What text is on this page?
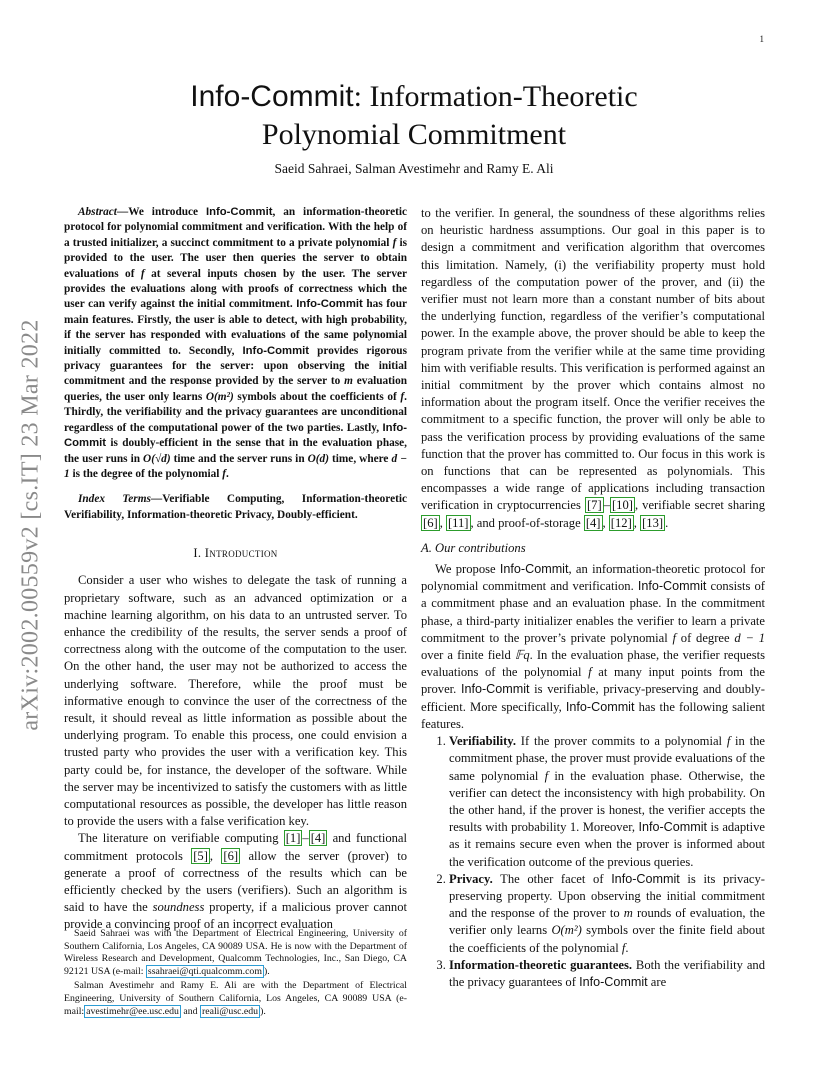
1
arXiv:2002.00559v2 [cs.IT] 23 Mar 2022
Info-Commit: Information-Theoretic
Polynomial Commitment
Saeid Sahraei, Salman Avestimehr and Ramy E. Ali

Abstract—We introduce Info-Commit, an information-theoretic protocol for polynomial commitment and verification. With the help of a trusted initializer, a succinct commitment to a private polynomial f is provided to the user. The user then queries the server to obtain evaluations of f at several inputs chosen by the user. The server provides the evaluations along with proofs of correctness which the user can verify against the initial commitment. Info-Commit has four main features. Firstly, the user is able to detect, with high probability, if the server has responded with evaluations of the same polynomial initially committed to. Secondly, Info-Commit provides rigorous privacy guarantees for the server: upon observing the initial commitment and the response provided by the server to m evaluation queries, the user only learns O(m²) symbols about the coefficients of f. Thirdly, the verifiability and the privacy guarantees are unconditional regardless of the computational power of the two parties. Lastly, Info-Commit is doubly-efficient in the sense that in the evaluation phase, the user runs in O(√d) time and the server runs in O(d) time, where d − 1 is the degree of the polynomial f.

Index Terms—Verifiable Computing, Information-theoretic Verifiability, Information-theoretic Privacy, Doubly-efficient.

I. Introduction

Consider a user who wishes to delegate the task of running a proprietary software, such as an advanced optimization or a machine learning algorithm, on his data to an untrusted server. To enhance the credibility of the results, the server sends a proof of correctness along with the outcome of the computation to the user. On the other hand, the user may not be authorized to access the underlying software. Therefore, while the proof must be informative enough to convince the user of the correctness of the result, it should reveal as little information as possible about the underlying program. To enable this process, one could envision a trusted party who provides the user with a verification key. This party could be, for instance, the developer of the software. While the server may be incentivized to satisfy the customers with as little computational resources as possible, the developer has little reason to provide the users with a false verification key.

The literature on verifiable computing [1] – [4] and functional commitment protocols [5] , [6] allow the server (prover) to generate a proof of correctness of the results which can be efficiently checked by the users (verifiers). Such an algorithm is said to have the soundness property, if a malicious prover cannot provide a convincing proof of an incorrect evaluation

Saeid Sahraei was with the Department of Electrical Engineering, University of Southern California, Los Angeles, CA 90089 USA. He is now with the Department of Wireless Research and Development, Qualcomm Technologies, Inc., San Diego, CA 92121 USA (e-mail: ssahraei@qti.qualcomm.com ).

Salman Avestimehr and Ramy E. Ali are with the Department of Electrical Engineering, University of Southern California, Los Angeles, CA 90089 USA (e-mail: avestimehr@ee.usc.edu and reali@usc.edu ).

to the verifier. In general, the soundness of these algorithms relies on heuristic hardness assumptions. Our goal in this paper is to design a commitment and verification algorithm that overcomes this limitation. Namely, (i) the verifiability property must hold regardless of the computation power of the prover, and (ii) the verifier must not learn more than a constant number of bits about the underlying function, regardless of the verifier’s computational power. In the example above, the prover should be able to keep the program private from the verifier while at the same time providing him with verifiable results. This verification is performed against an initial commitment by the prover which contains almost no information about the program itself. Once the verifier receives the commitment to a specific function, the prover will only be able to pass the verification process by providing evaluations of the same function that the prover has committed to. Our focus in this work is on functions that can be represented as polynomials. This encompasses a wide range of applications including transaction verification in cryptocurrencies [7] – [10] , verifiable secret sharing [6] , [11] , and proof-of-storage [4] , [12] , [13] .

A. Our contributions

We propose Info-Commit, an information-theoretic protocol for polynomial commitment and verification. Info-Commit consists of a commitment phase and an evaluation phase. In the commitment phase, a third-party initializer enables the verifier to learn a private commitment to the prover’s private polynomial f of degree d − 1 over a finite field 𝔽q. In the evaluation phase, the verifier requests evaluations of the polynomial f at many input points from the prover. Info-Commit is verifiable, privacy-preserving and doubly-efficient. More specifically, Info-Commit has the following salient features.

1. Verifiability. If the prover commits to a polynomial f in the commitment phase, the prover must provide evaluations of the same polynomial f in the evaluation phase. Otherwise, the verifier can detect the inconsistency with high probability. On the other hand, if the prover is honest, the verifier accepts the results with probability 1. Moreover, Info-Commit is adaptive as it remains secure even when the prover is informed about the verification outcome of the previous queries.
2. Privacy. The other facet of Info-Commit is its privacy-preserving property. Upon observing the initial commitment and the response of the prover to m rounds of evaluation, the verifier only learns O(m²) symbols over the finite field about the coefficients of the polynomial f.
3. Information-theoretic guarantees. Both the verifiability and the privacy guarantees of Info-Commit are
